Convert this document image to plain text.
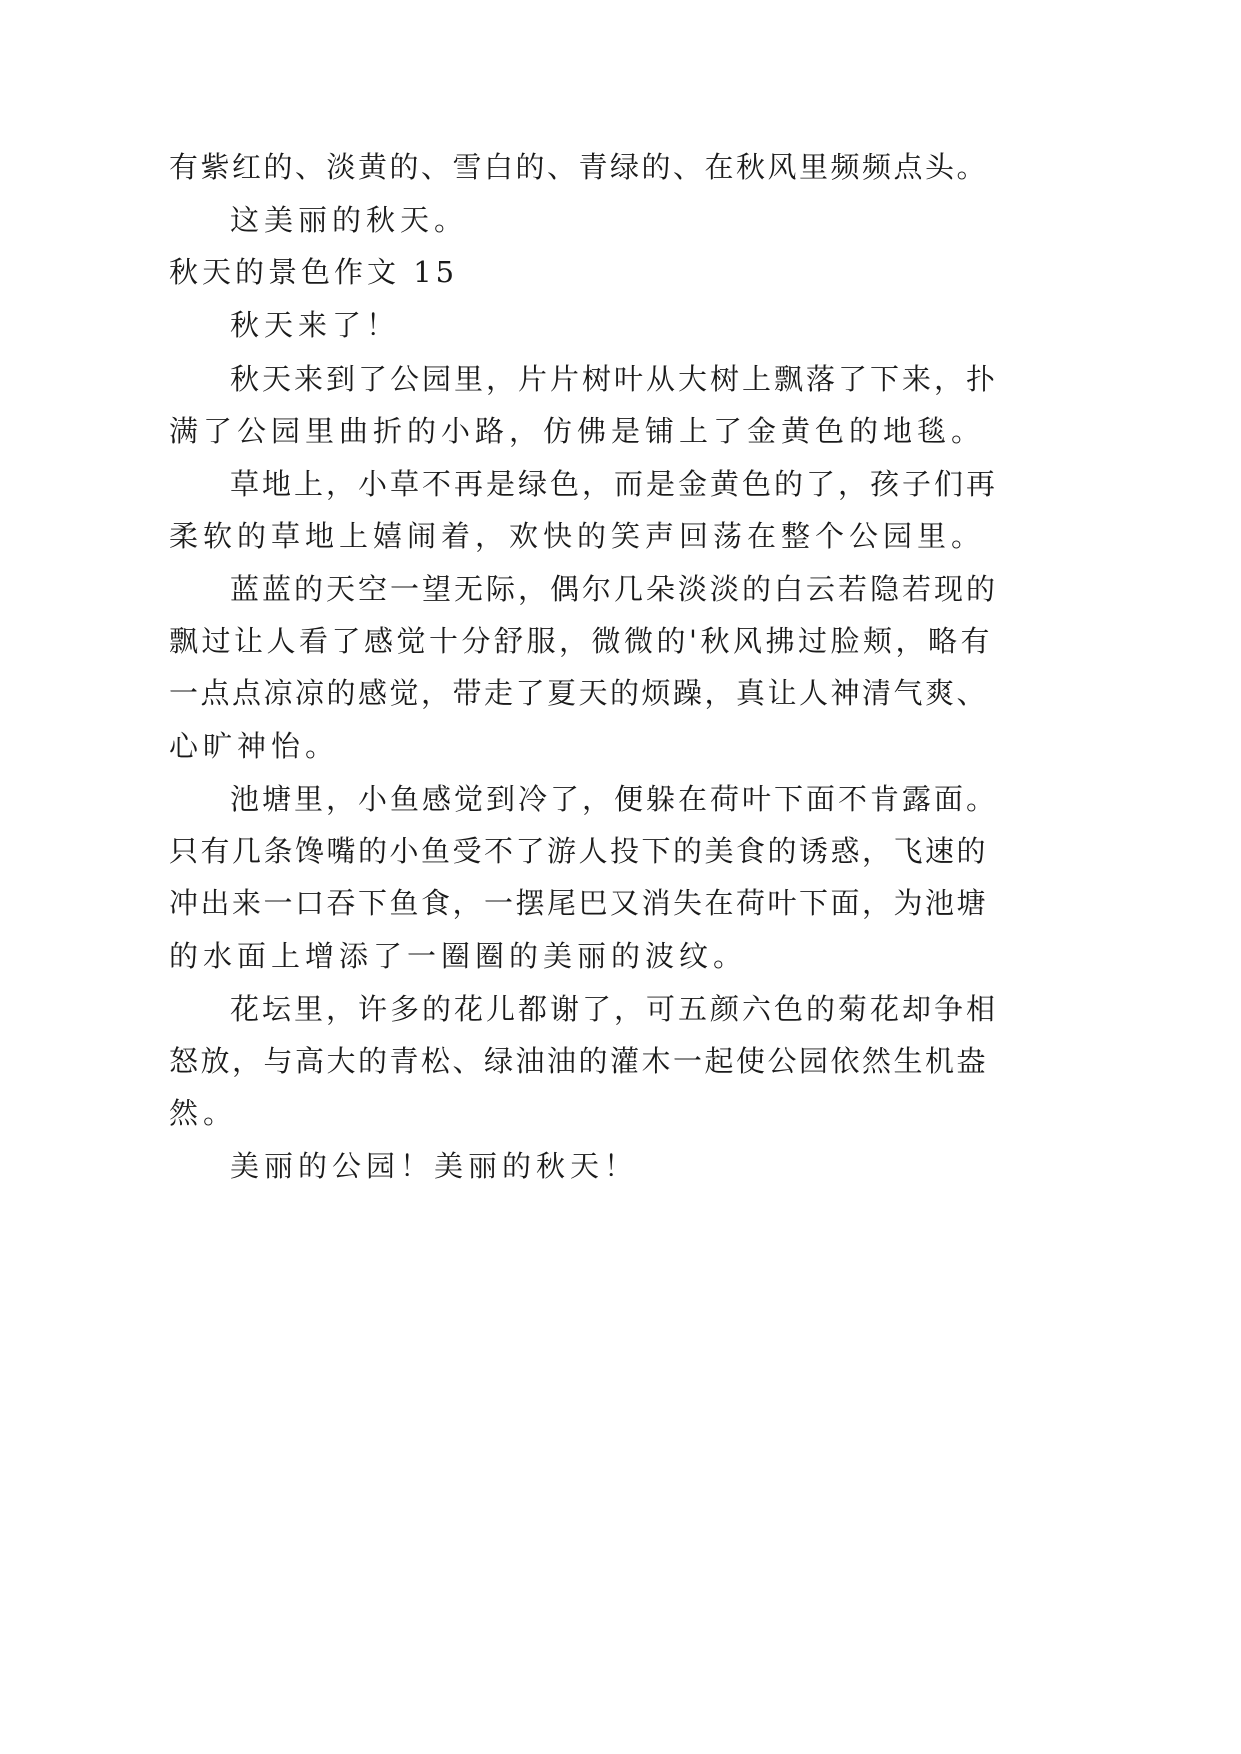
有紫红的、淡黄的、雪白的、青绿的、在秋风里频频点头。

这美丽的秋天。

秋天的景色作文 15

秋天来了！

秋天来到了公园里，片片树叶从大树上飘落了下来，扑

满了公园里曲折的小路，仿佛是铺上了金黄色的地毯。

草地上，小草不再是绿色，而是金黄色的了，孩子们再

柔软的草地上嬉闹着，欢快的笑声回荡在整个公园里。

蓝蓝的天空一望无际，偶尔几朵淡淡的白云若隐若现的

飘过让人看了感觉十分舒服，微微的'秋风拂过脸颊，略有

一点点凉凉的感觉，带走了夏天的烦躁，真让人神清气爽、

心旷神怡。

池塘里，小鱼感觉到冷了，便躲在荷叶下面不肯露面。

只有几条馋嘴的小鱼受不了游人投下的美食的诱惑，飞速的

冲出来一口吞下鱼食，一摆尾巴又消失在荷叶下面，为池塘

的水面上增添了一圈圈的美丽的波纹。

花坛里，许多的花儿都谢了，可五颜六色的菊花却争相

怒放，与高大的青松、绿油油的灌木一起使公园依然生机盎

然。

美丽的公园！美丽的秋天！
